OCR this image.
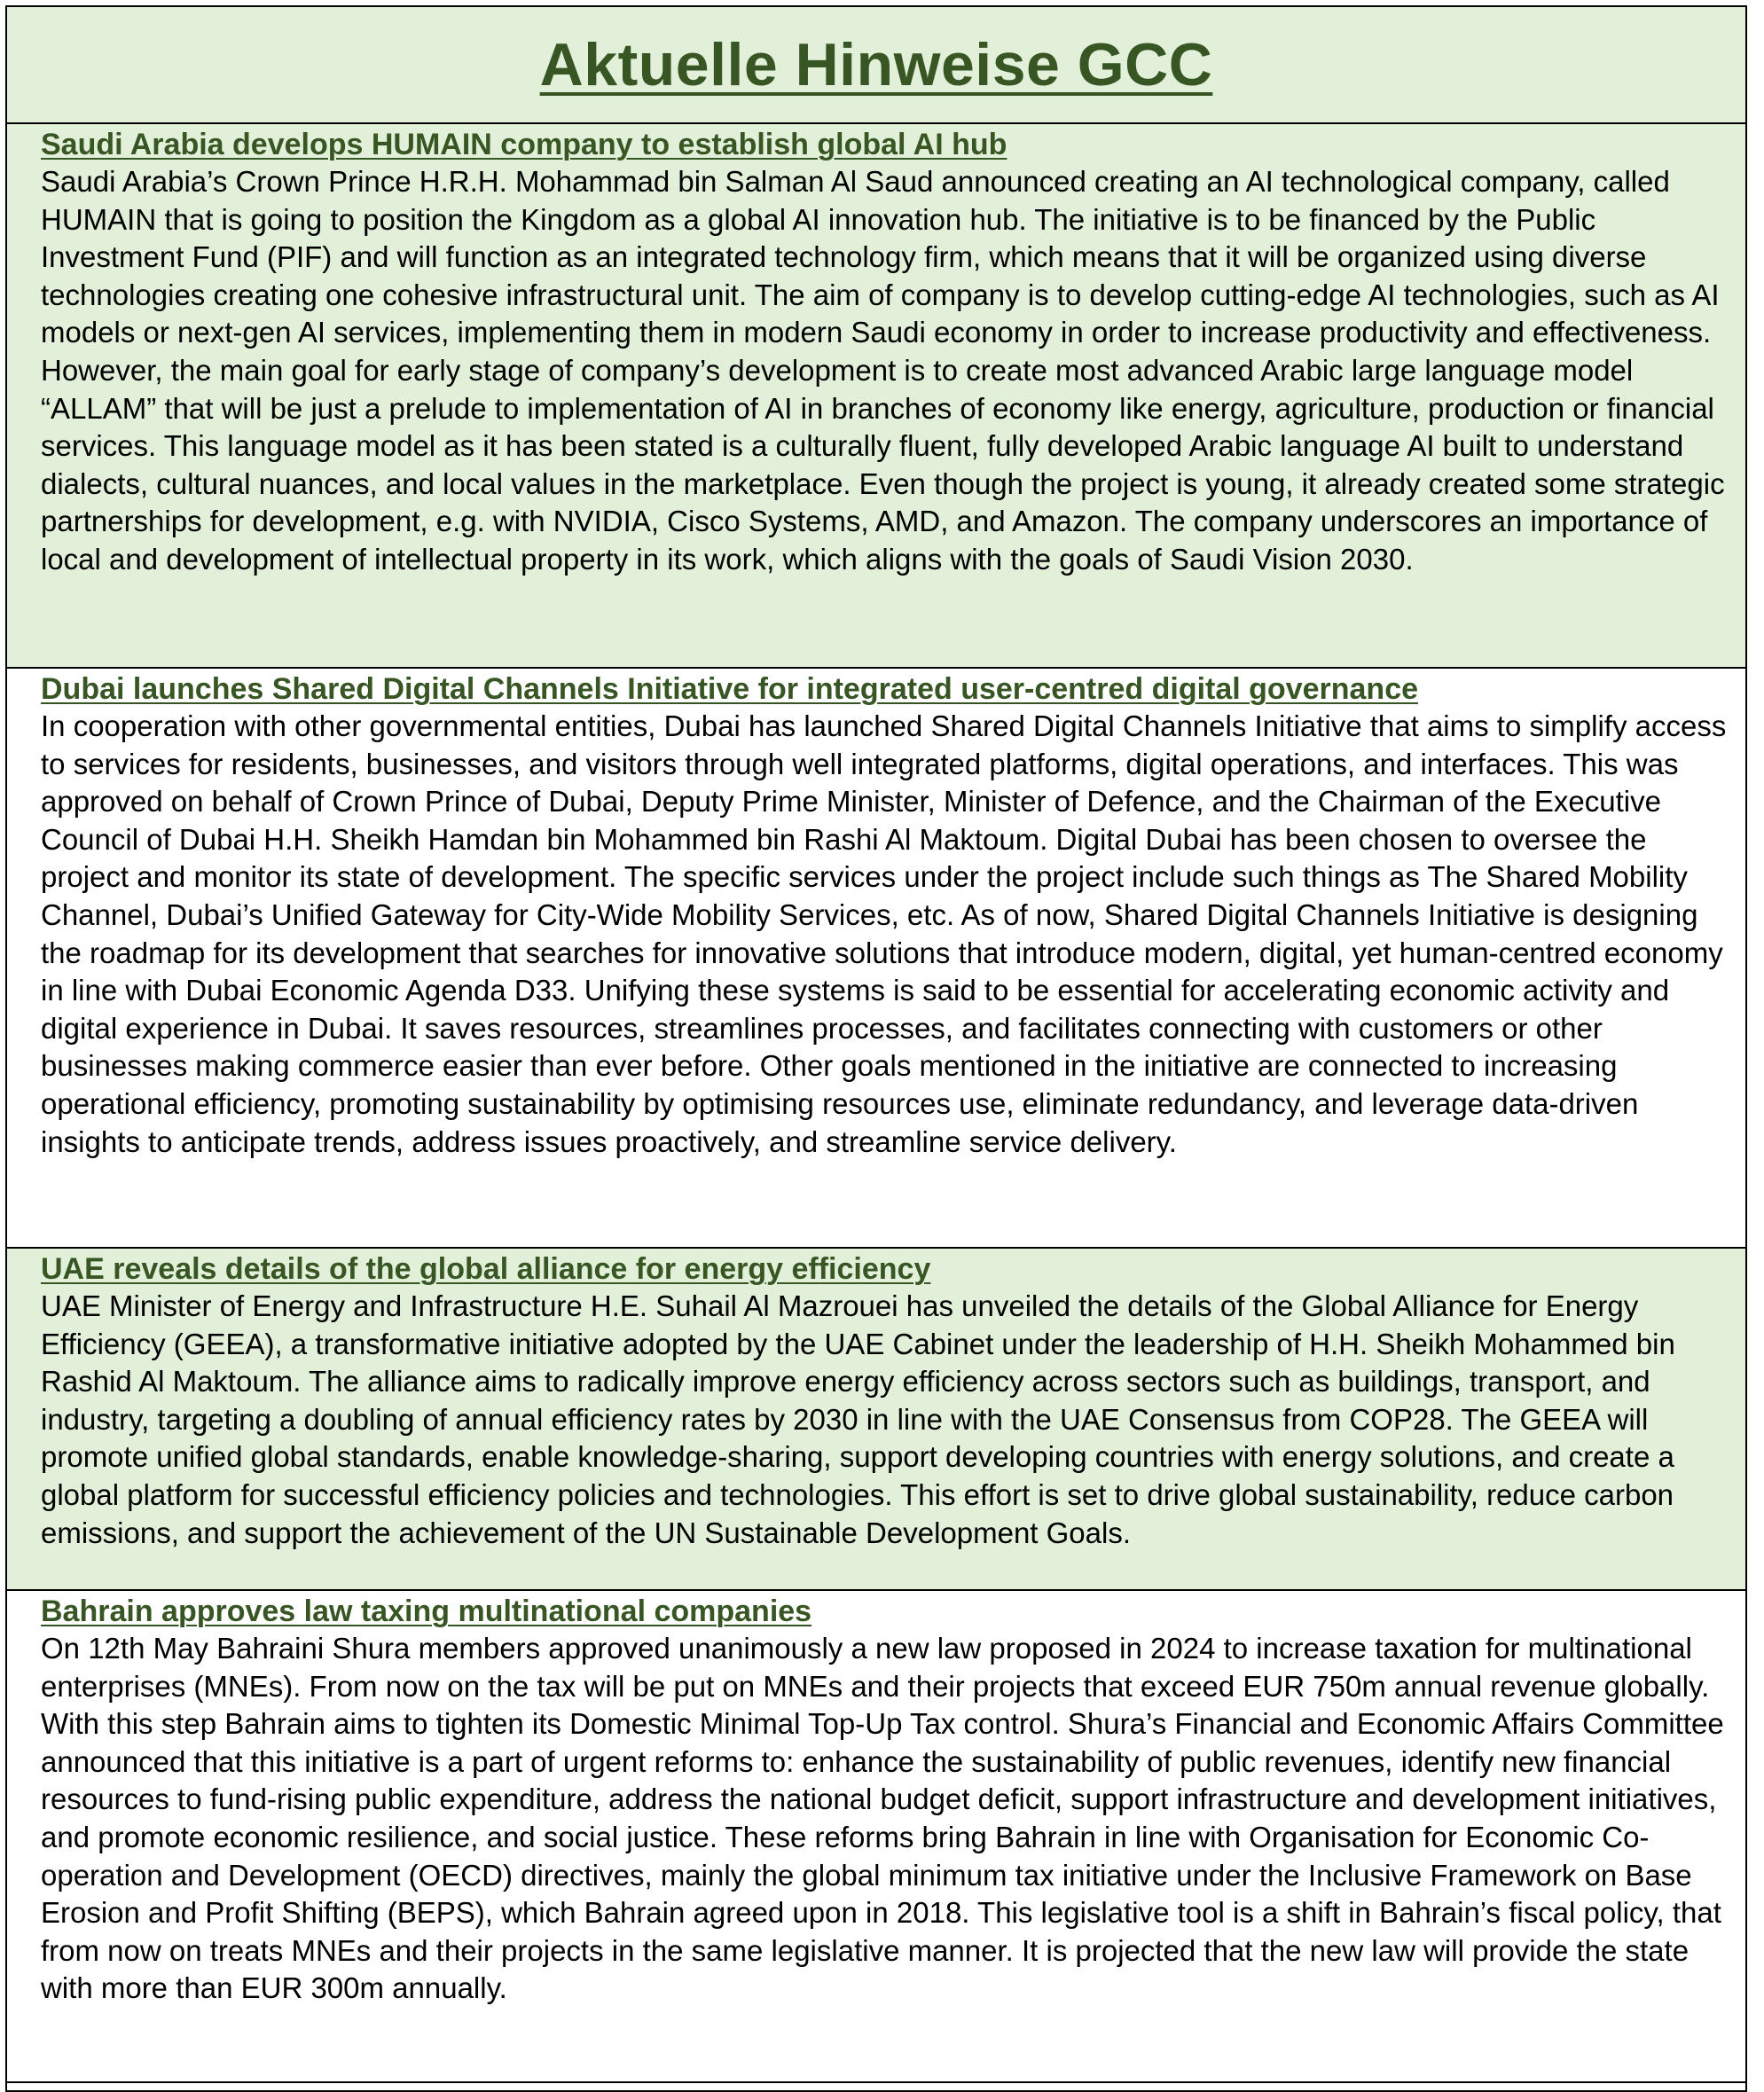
Aktuelle Hinweise GCC
Saudi Arabia develops HUMAIN company to establish global AI hub

Saudi Arabia’s Crown Prince H.R.H. Mohammad bin Salman Al Saud announced creating an AI technological company, called HUMAIN that is going to position the Kingdom as a global AI innovation hub. The initiative is to be financed by the Public Investment Fund (PIF) and will function as an integrated technology firm, which means that it will be organized using diverse technologies creating one cohesive infrastructural unit. The aim of company is to develop cutting-edge AI technologies, such as AI models or next-gen AI services, implementing them in modern Saudi economy in order to increase productivity and effectiveness. However, the main goal for early stage of company’s development is to create most advanced Arabic large language model “ALLAM” that will be just a prelude to implementation of AI in branches of economy like energy, agriculture, production or financial services. This language model as it has been stated is a culturally fluent, fully developed Arabic language AI built to understand dialects, cultural nuances, and local values in the marketplace. Even though the project is young, it already created some strategic partnerships for development, e.g. with NVIDIA, Cisco Systems, AMD, and Amazon. The company underscores an importance of local and development of intellectual property in its work, which aligns with the goals of Saudi Vision 2030.

Dubai launches Shared Digital Channels Initiative for integrated user-centred digital governance

In cooperation with other governmental entities, Dubai has launched Shared Digital Channels Initiative that aims to simplify access to services for residents, businesses, and visitors through well integrated platforms, digital operations, and interfaces. This was approved on behalf of Crown Prince of Dubai, Deputy Prime Minister, Minister of Defence, and the Chairman of the Executive Council of Dubai H.H. Sheikh Hamdan bin Mohammed bin Rashi Al Maktoum. Digital Dubai has been chosen to oversee the project and monitor its state of development. The specific services under the project include such things as The Shared Mobility Channel, Dubai’s Unified Gateway for City-Wide Mobility Services, etc. As of now, Shared Digital Channels Initiative is designing the roadmap for its development that searches for innovative solutions that introduce modern, digital, yet human-centred economy in line with Dubai Economic Agenda D33. Unifying these systems is said to be essential for accelerating economic activity and digital experience in Dubai. It saves resources, streamlines processes, and facilitates connecting with customers or other businesses making commerce easier than ever before. Other goals mentioned in the initiative are connected to increasing operational efficiency, promoting sustainability by optimising resources use, eliminate redundancy, and leverage data-driven insights to anticipate trends, address issues proactively, and streamline service delivery.

UAE reveals details of the global alliance for energy efficiency

UAE Minister of Energy and Infrastructure H.E. Suhail Al Mazrouei has unveiled the details of the Global Alliance for Energy Efficiency (GEEA), a transformative initiative adopted by the UAE Cabinet under the leadership of H.H. Sheikh Mohammed bin Rashid Al Maktoum. The alliance aims to radically improve energy efficiency across sectors such as buildings, transport, and industry, targeting a doubling of annual efficiency rates by 2030 in line with the UAE Consensus from COP28. The GEEA will promote unified global standards, enable knowledge-sharing, support developing countries with energy solutions, and create a global platform for successful efficiency policies and technologies. This effort is set to drive global sustainability, reduce carbon emissions, and support the achievement of the UN Sustainable Development Goals.

Bahrain approves law taxing multinational companies

On 12th May Bahraini Shura members approved unanimously a new law proposed in 2024 to increase taxation for multinational enterprises (MNEs). From now on the tax will be put on MNEs and their projects that exceed EUR 750m annual revenue globally. With this step Bahrain aims to tighten its Domestic Minimal Top-Up Tax control. Shura’s Financial and Economic Affairs Committee announced that this initiative is a part of urgent reforms to: enhance the sustainability of public revenues, identify new financial resources to fund-rising public expenditure, address the national budget deficit, support infrastructure and development initiatives, and promote economic resilience, and social justice. These reforms bring Bahrain in line with Organisation for Economic Co-operation and Development (OECD) directives, mainly the global minimum tax initiative under the Inclusive Framework on Base Erosion and Profit Shifting (BEPS), which Bahrain agreed upon in 2018. This legislative tool is a shift in Bahrain’s fiscal policy, that from now on treats MNEs and their projects in the same legislative manner. It is projected that the new law will provide the state with more than EUR 300m annually.
